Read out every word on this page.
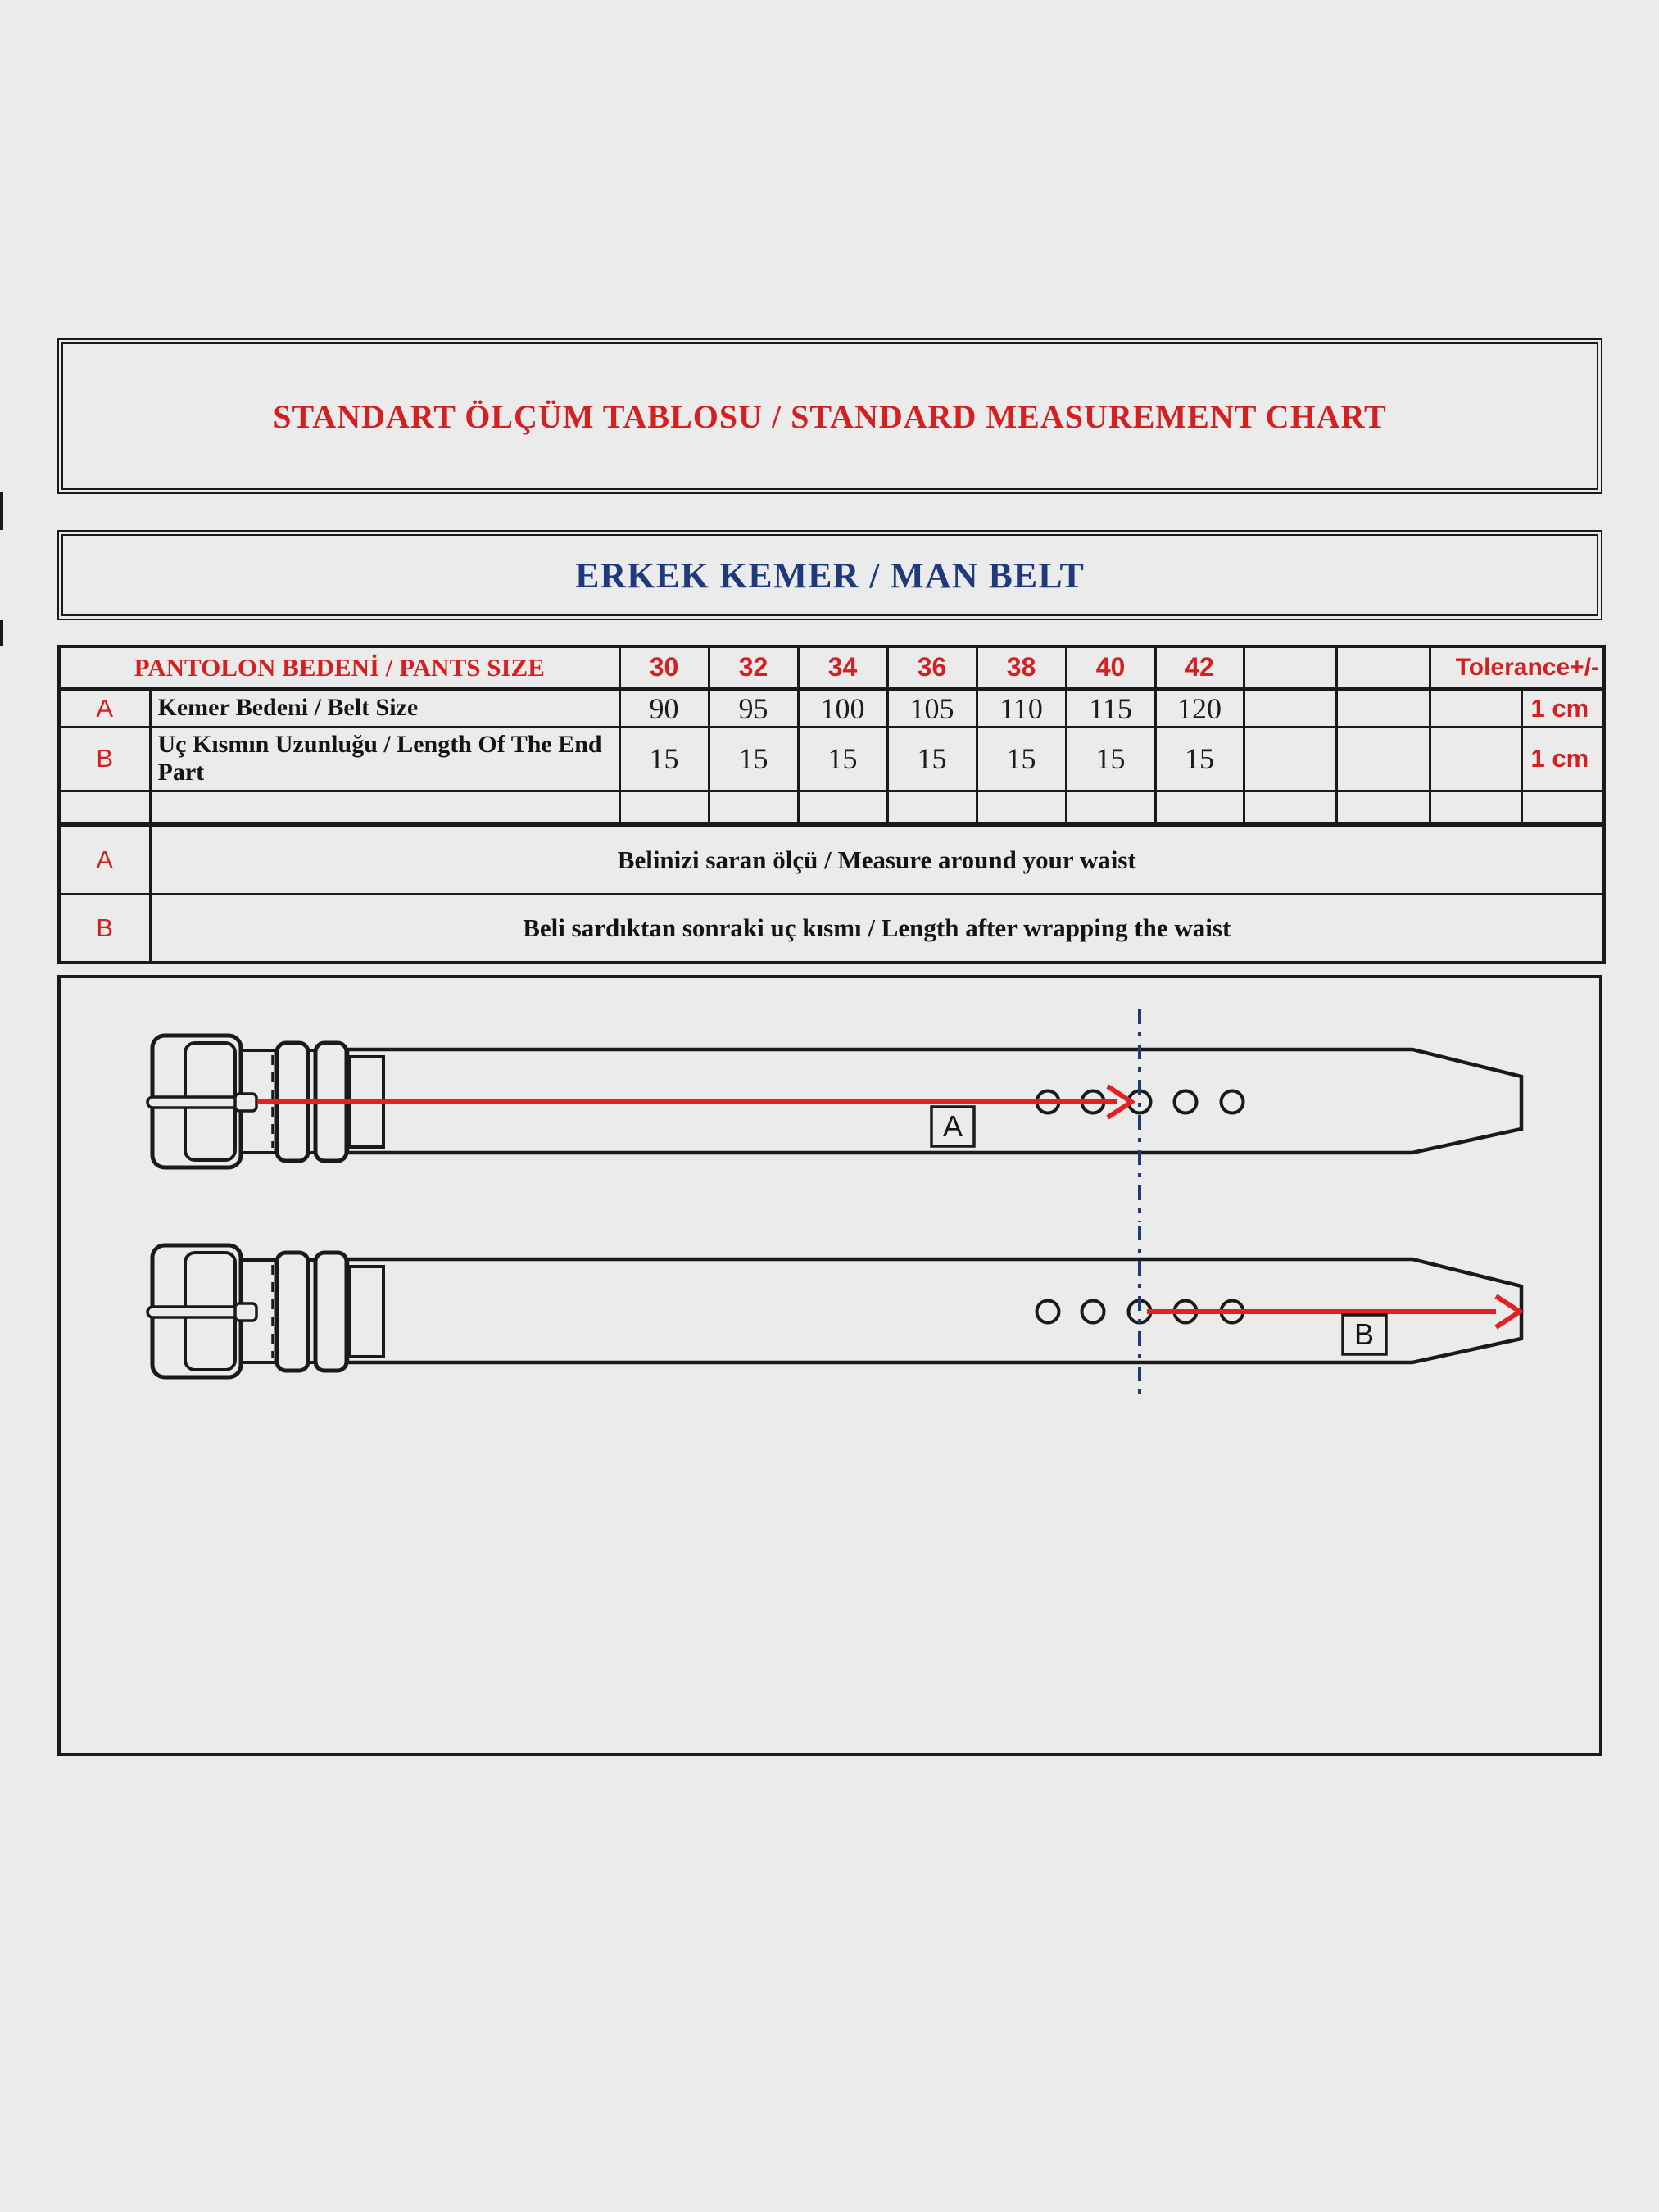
STANDART ÖLÇÜM TABLOSU / STANDARD MEASUREMENT CHART
ERKEK KEMER / MAN BELT
PANTOLON BEDENİ / PANTS SIZE		30	32	34	36	38	40	42			Tolerance+/-	
A	Kemer Bedeni / Belt Size	90	95	100	105	110	115	120				1 cm
B	Uç Kısmın Uzunluğu / Length Of The End Part	15	15	15	15	15	15	15				1 cm

A	Belinizi saran ölçü / Measure around your waist											
B	Beli sardıktan sonraki uç kısmı / Length after wrapping the waist											
A
B
